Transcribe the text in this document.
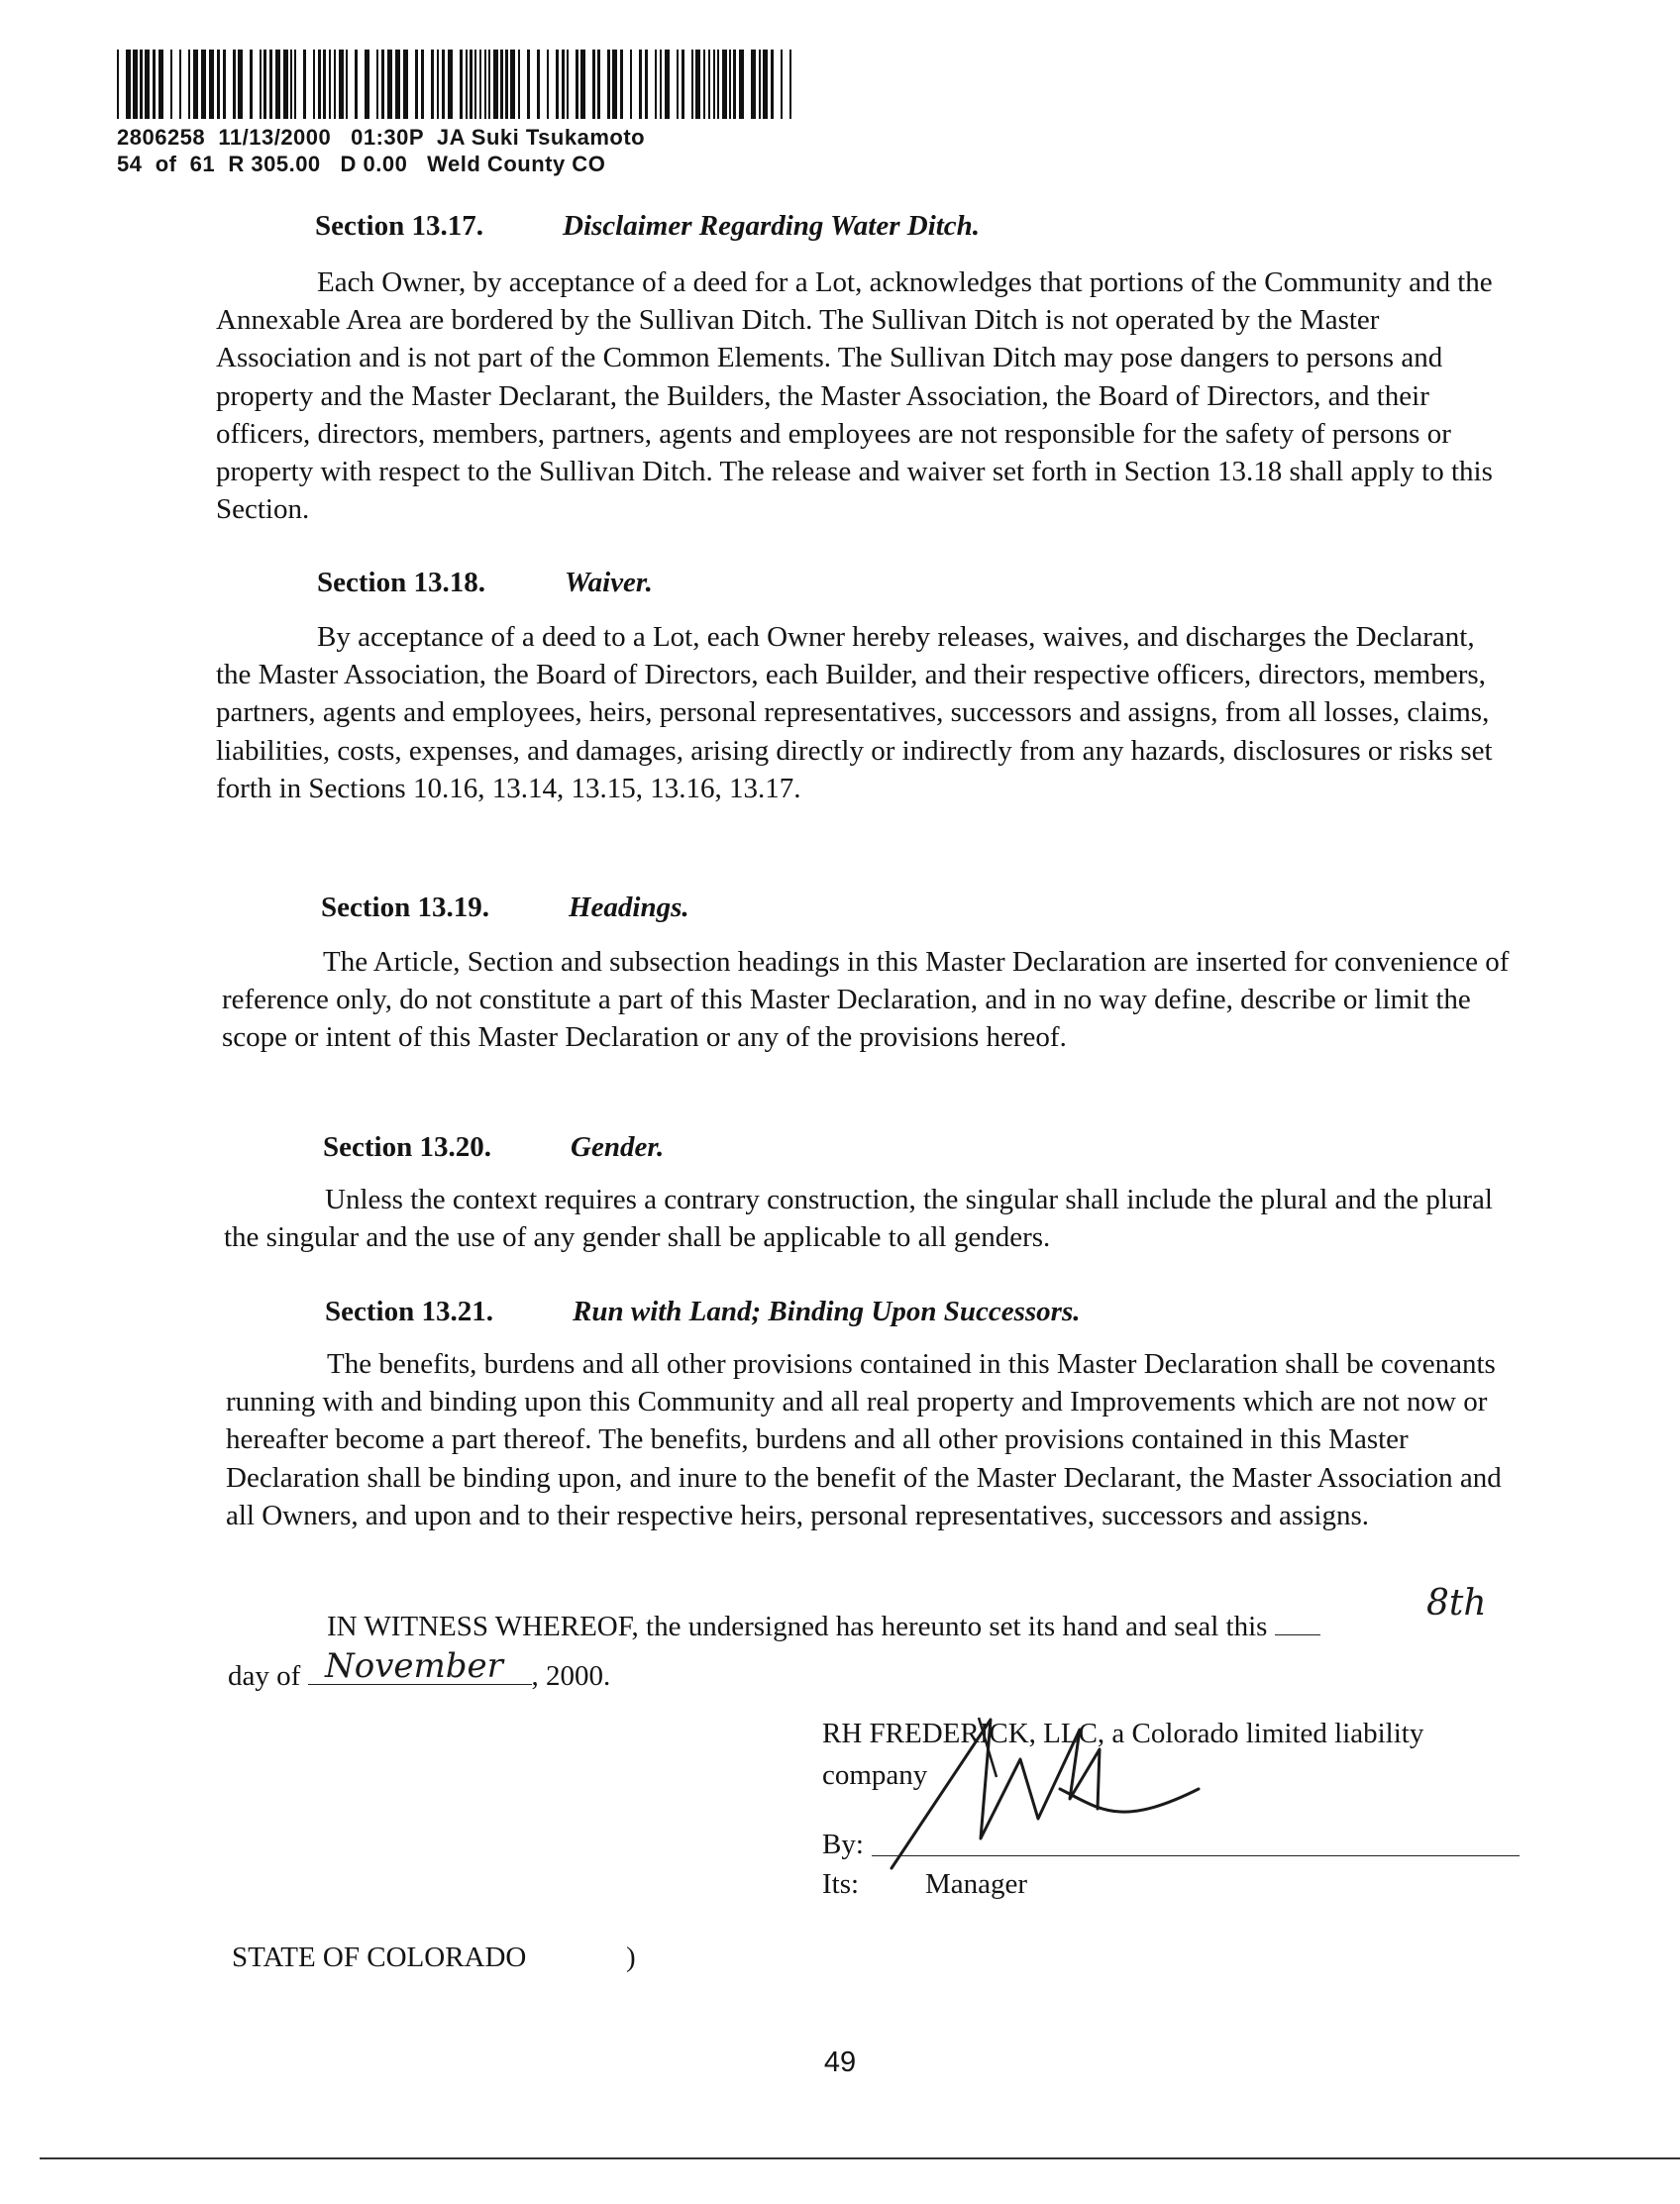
2806258  11/13/2000   01:30P  JA Suki Tsukamoto
54  of  61  R 305.00   D 0.00   Weld County CO
Section 13.17.	Disclaimer Regarding Water Ditch.

Each Owner, by acceptance of a deed for a Lot, acknowledges that portions of the Community and the Annexable Area are bordered by the Sullivan Ditch. The Sullivan Ditch is not operated by the Master Association and is not part of the Common Elements. The Sullivan Ditch may pose dangers to persons and property and the Master Declarant, the Builders, the Master Association, the Board of Directors, and their officers, directors, members, partners, agents and employees are not responsible for the safety of persons or property with respect to the Sullivan Ditch. The release and waiver set forth in Section 13.18 shall apply to this Section.

Section 13.18.	Waiver.

By acceptance of a deed to a Lot, each Owner hereby releases, waives, and discharges the Declarant, the Master Association, the Board of Directors, each Builder, and their respective officers, directors, members, partners, agents and employees, heirs, personal representatives, successors and assigns, from all losses, claims, liabilities, costs, expenses, and damages, arising directly or indirectly from any hazards, disclosures or risks set forth in Sections 10.16, 13.14, 13.15, 13.16, 13.17.

Section 13.19.	Headings.

The Article, Section and subsection headings in this Master Declaration are inserted for convenience of reference only, do not constitute a part of this Master Declaration, and in no way define, describe or limit the scope or intent of this Master Declaration or any of the provisions hereof.

Section 13.20.	Gender.

Unless the context requires a contrary construction, the singular shall include the plural and the plural the singular and the use of any gender shall be applicable to all genders.

Section 13.21.	Run with Land; Binding Upon Successors.

The benefits, burdens and all other provisions contained in this Master Declaration shall be covenants running with and binding upon this Community and all real property and Improvements which are not now or hereafter become a part thereof. The benefits, burdens and all other provisions contained in this Master Declaration shall be binding upon, and inure to the benefit of the Master Declarant, the Master Association and all Owners, and upon and to their respective heirs, personal representatives, successors and assigns.

IN WITNESS WHEREOF, the undersigned has hereunto set its hand and seal this
8th
day of	, 2000.
November
RH FREDERICK, LLC, a Colorado limited liability
company
By:
Its: Manager
STATE OF COLORADO	)
49
